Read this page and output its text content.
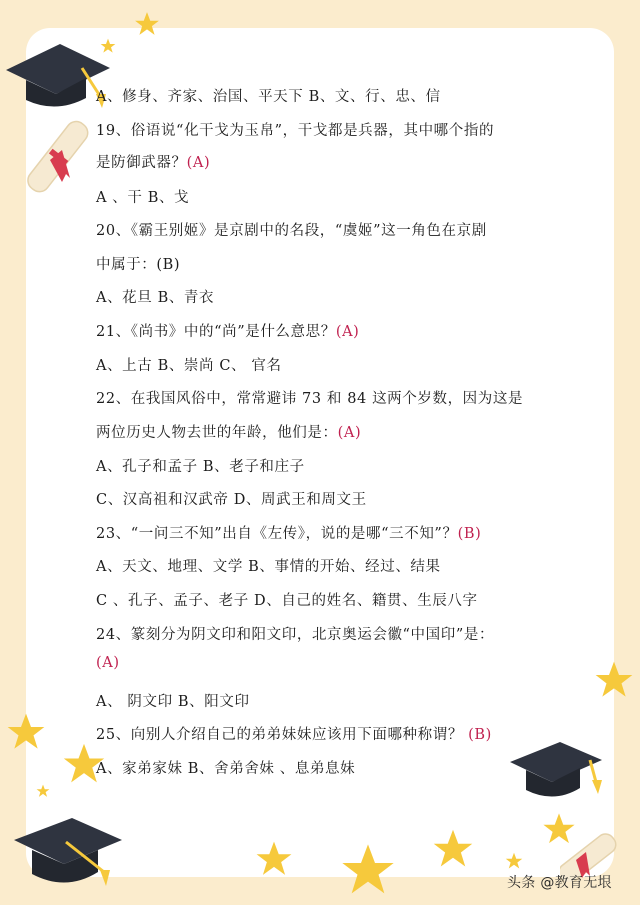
A、修身、齐家、治国、平天下 B、文、行、忠、信
19、俗语说“化干戈为玉帛”，干戈都是兵器，其中哪个指的
是防御武器？(A)
A 、干 B、戈
20、《霸王别姬》是京剧中的名段，“虞姬”这一角色在京剧
中属于：(B)
A、花旦 B、青衣
21、《尚书》中的“尚”是什么意思？(A)
A、上古 B、崇尚 C、 官名
22、在我国风俗中，常常避讳 73 和 84 这两个岁数，因为这是
两位历史人物去世的年龄，他们是：(A)
A、孔子和孟子 B、老子和庄子
C、汉高祖和汉武帝 D、周武王和周文王
23、“一问三不知”出自《左传》，说的是哪“三不知”？(B)
A、天文、地理、文学 B、事情的开始、经过、结果
C 、孔子、孟子、老子 D、自己的姓名、籍贯、生辰八字
24、篆刻分为阴文印和阳文印，北京奥运会徽“中国印”是：
(A)
A、 阴文印 B、阳文印
25、向别人介绍自己的弟弟妹妹应该用下面哪种称谓？ (B)
A、家弟家妹 B、舍弟舍妹 、息弟息妹
头条 @教育无垠
